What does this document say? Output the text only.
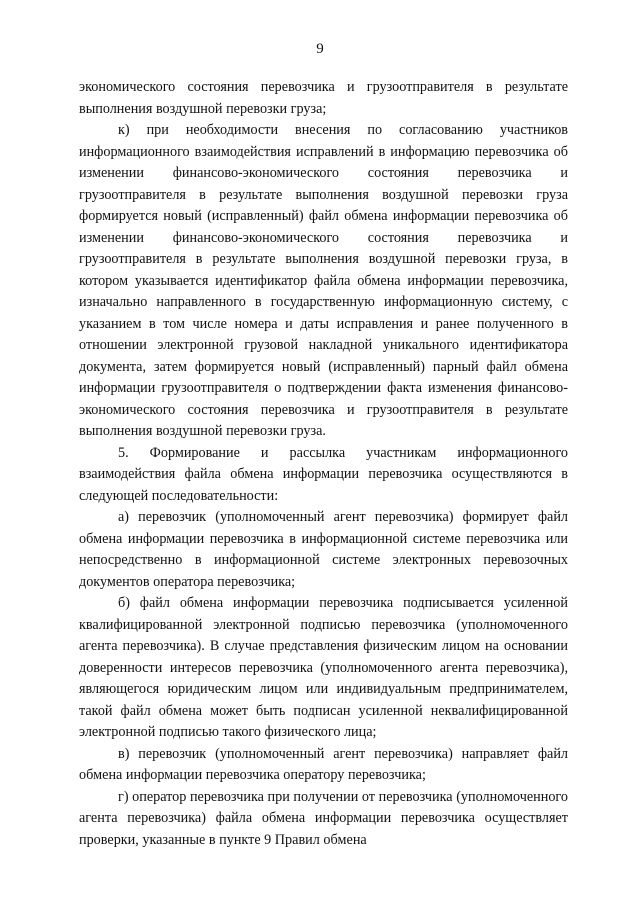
9

экономического состояния перевозчика и грузоотправителя в результате выполнения воздушной перевозки груза;

к) при необходимости внесения по согласованию участников информационного взаимодействия исправлений в информацию перевозчика об изменении финансово-экономического состояния перевозчика и грузоотправителя в результате выполнения воздушной перевозки груза формируется новый (исправленный) файл обмена информации перевозчика об изменении финансово-экономического состояния перевозчика и грузоотправителя в результате выполнения воздушной перевозки груза, в котором указывается идентификатор файла обмена информации перевозчика, изначально направленного в государственную информационную систему, с указанием в том числе номера и даты исправления и ранее полученного в отношении электронной грузовой накладной уникального идентификатора документа, затем формируется новый (исправленный) парный файл обмена информации грузоотправителя о подтверждении факта изменения финансово-экономического состояния перевозчика и грузоотправителя в результате выполнения воздушной перевозки груза.

5. Формирование и рассылка участникам информационного взаимодействия файла обмена информации перевозчика осуществляются в следующей последовательности:

а) перевозчик (уполномоченный агент перевозчика) формирует файл обмена информации перевозчика в информационной системе перевозчика или непосредственно в информационной системе электронных перевозочных документов оператора перевозчика;

б) файл обмена информации перевозчика подписывается усиленной квалифицированной электронной подписью перевозчика (уполномоченного агента перевозчика). В случае представления физическим лицом на основании доверенности интересов перевозчика (уполномоченного агента перевозчика), являющегося юридическим лицом или индивидуальным предпринимателем, такой файл обмена может быть подписан усиленной неквалифицированной электронной подписью такого физического лица;

в) перевозчик (уполномоченный агент перевозчика) направляет файл обмена информации перевозчика оператору перевозчика;

г) оператор перевозчика при получении от перевозчика (уполномоченного агента перевозчика) файла обмена информации перевозчика осуществляет проверки, указанные в пункте 9 Правил обмена
